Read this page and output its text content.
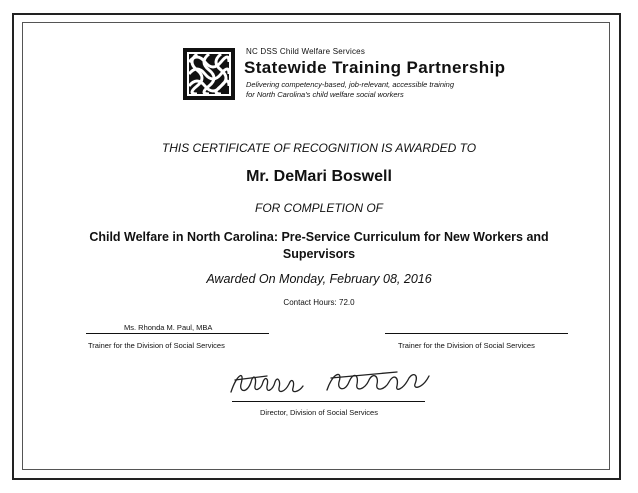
NC DSS Child Welfare Services
Statewide Training Partnership
Delivering competency-based, job-relevant, accessible training
for North Carolina's child welfare social workers
THIS CERTIFICATE OF RECOGNITION IS AWARDED TO
Mr. DeMari Boswell
FOR COMPLETION OF
Child Welfare in North Carolina: Pre-Service Curriculum for New Workers and Supervisors
Awarded On Monday, February 08, 2016
Contact Hours: 72.0
Ms. Rhonda M. Paul, MBA
Trainer for the Division of Social Services	Trainer for the Division of Social Services
Director, Division of Social Services
